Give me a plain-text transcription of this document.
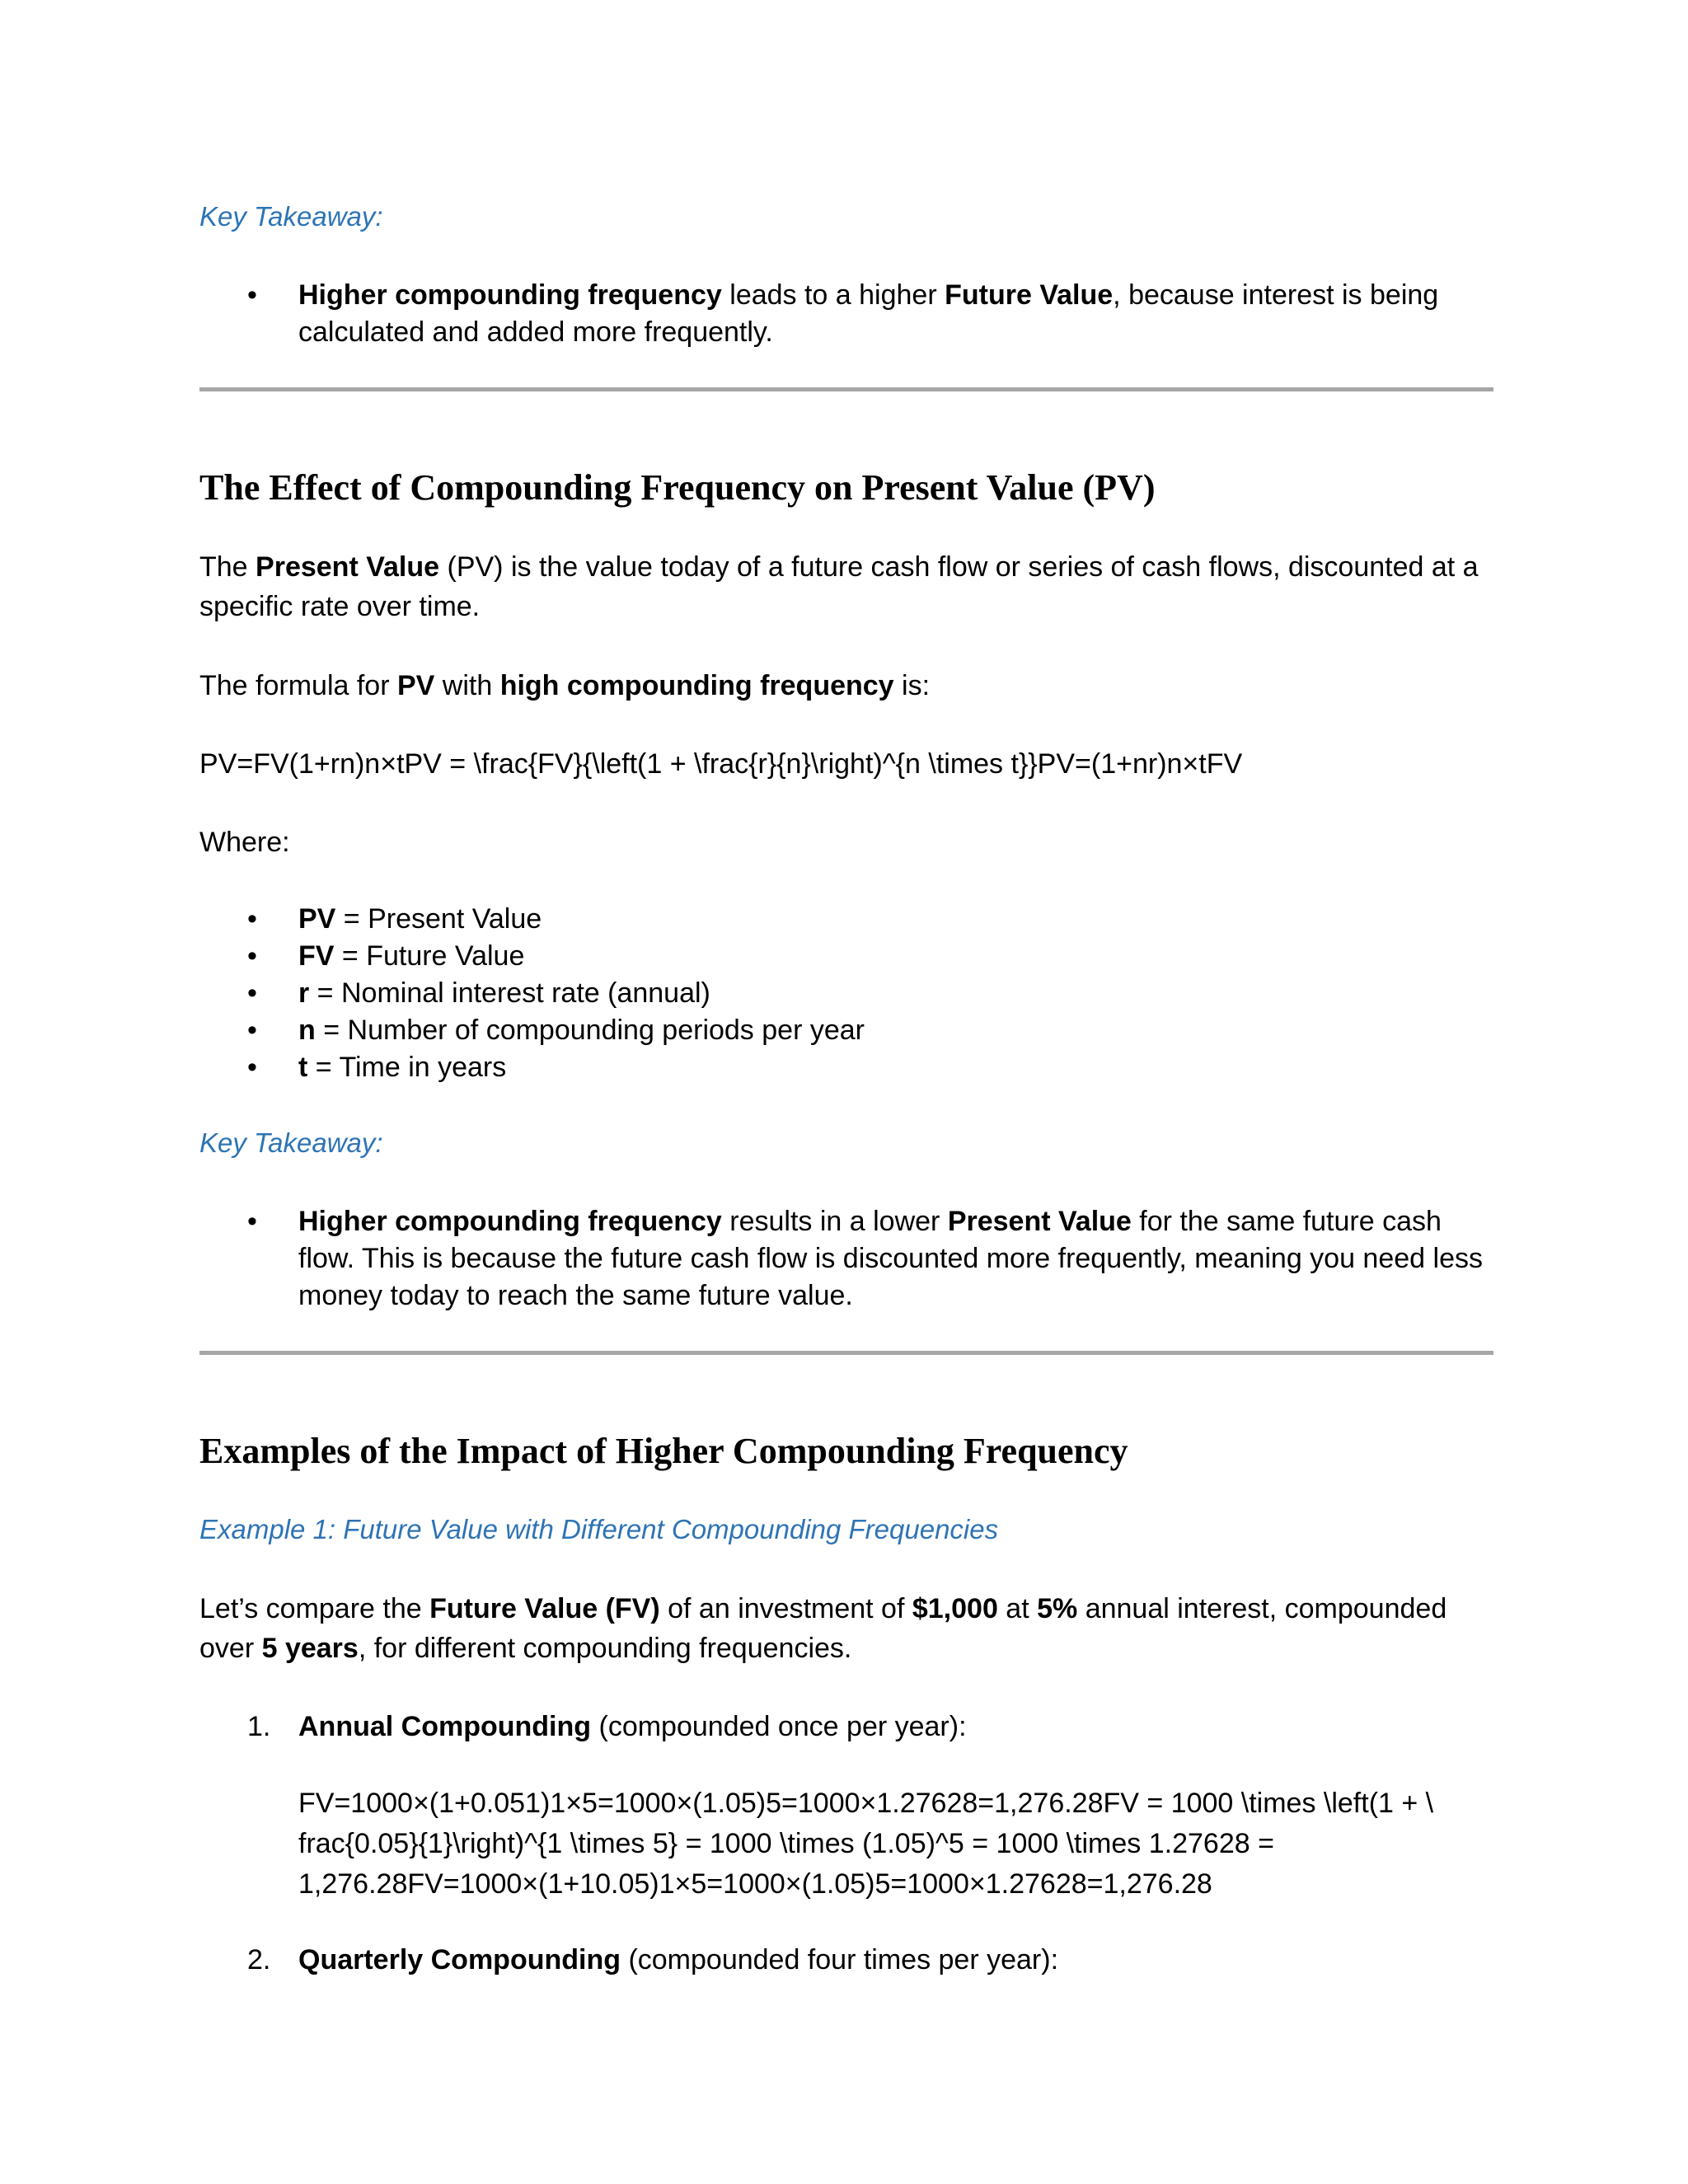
Key Takeaway:

• Higher compounding frequency leads to a higher Future Value, because interest is being calculated and added more frequently.
The Effect of Compounding Frequency on Present Value (PV)

The Present Value (PV) is the value today of a future cash flow or series of cash flows, discounted at a specific rate over time.

The formula for PV with high compounding frequency is:

PV=FV(1+rn)n×tPV = \frac{FV}{\left(1 + \frac{r}{n}\right)^{n \times t}}PV=(1+nr)n×tFV

Where:

• PV = Present Value
• FV = Future Value
• r = Nominal interest rate (annual)
• n = Number of compounding periods per year
• t = Time in years

Key Takeaway:

• Higher compounding frequency results in a lower Present Value for the same future cash flow. This is because the future cash flow is discounted more frequently, meaning you need less money today to reach the same future value.
Examples of the Impact of Higher Compounding Frequency

Example 1: Future Value with Different Compounding Frequencies

Let’s compare the Future Value (FV) of an investment of $1,000 at 5% annual interest, compounded over 5 years, for different compounding frequencies.

1. Annual Compounding (compounded once per year):

FV=1000×(1+0.051)1×5=1000×(1.05)5=1000×1.27628=1,276.28FV = 1000 \times \left(1 + \

frac{0.05}{1}\right)^{1 \times 5} = 1000 \times (1.05)^5 = 1000 \times 1.27628 =

1,276.28FV=1000×(1+10.05)1×5=1000×(1.05)5=1000×1.27628=1,276.28

2. Quarterly Compounding (compounded four times per year):
